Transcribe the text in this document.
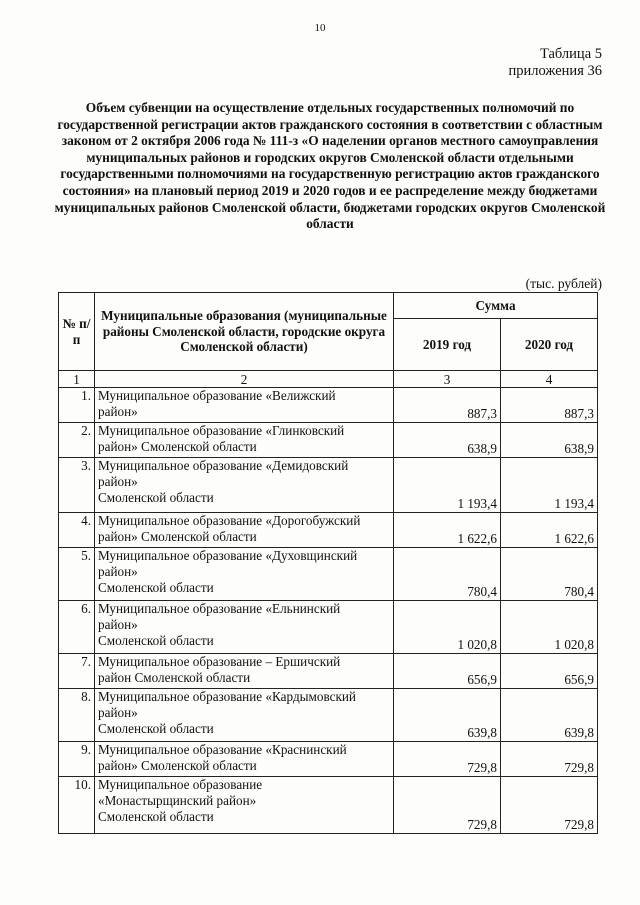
10
Таблица 5
приложения 36
Объем субвенции на осуществление отдельных государственных полномочий по государственной регистрации актов гражданского состояния в соответствии с областным законом от 2 октября 2006 года № 111-з «О наделении органов местного самоуправления муниципальных районов и городских округов Смоленской области отдельными государственными полномочиями на государственную регистрацию актов гражданского состояния» на плановый период 2019 и 2020 годов и ее распределение между бюджетами муниципальных районов Смоленской области, бюджетами городских округов Смоленской области
(тыс. рублей)
№ п/п	Муниципальные образования (муниципальные районы Смоленской области, городские округа Смоленской области)	Сумма	
		2019 год	2020 год
1	2	3	4
1.	Муниципальное образование «Велижский
район»	887,3	887,3
2.	Муниципальное образование «Глинковский
район» Смоленской области	638,9	638,9
3.	Муниципальное образование «Демидовский
район»
Смоленской области	1 193,4	1 193,4
4.	Муниципальное образование «Дорогобужский
район» Смоленской области	1 622,6	1 622,6
5.	Муниципальное образование «Духовщинский
район»
Смоленской области	780,4	780,4
6.	Муниципальное образование «Ельнинский
район»
Смоленской области	1 020,8	1 020,8
7.	Муниципальное образование – Ершичский
район Смоленской области	656,9	656,9
8.	Муниципальное образование «Кардымовский
район»
Смоленской области	639,8	639,8
9.	Муниципальное образование «Краснинский
район» Смоленской области	729,8	729,8
10.	Муниципальное образование
«Монастырщинский район»
Смоленской области	729,8	729,8
